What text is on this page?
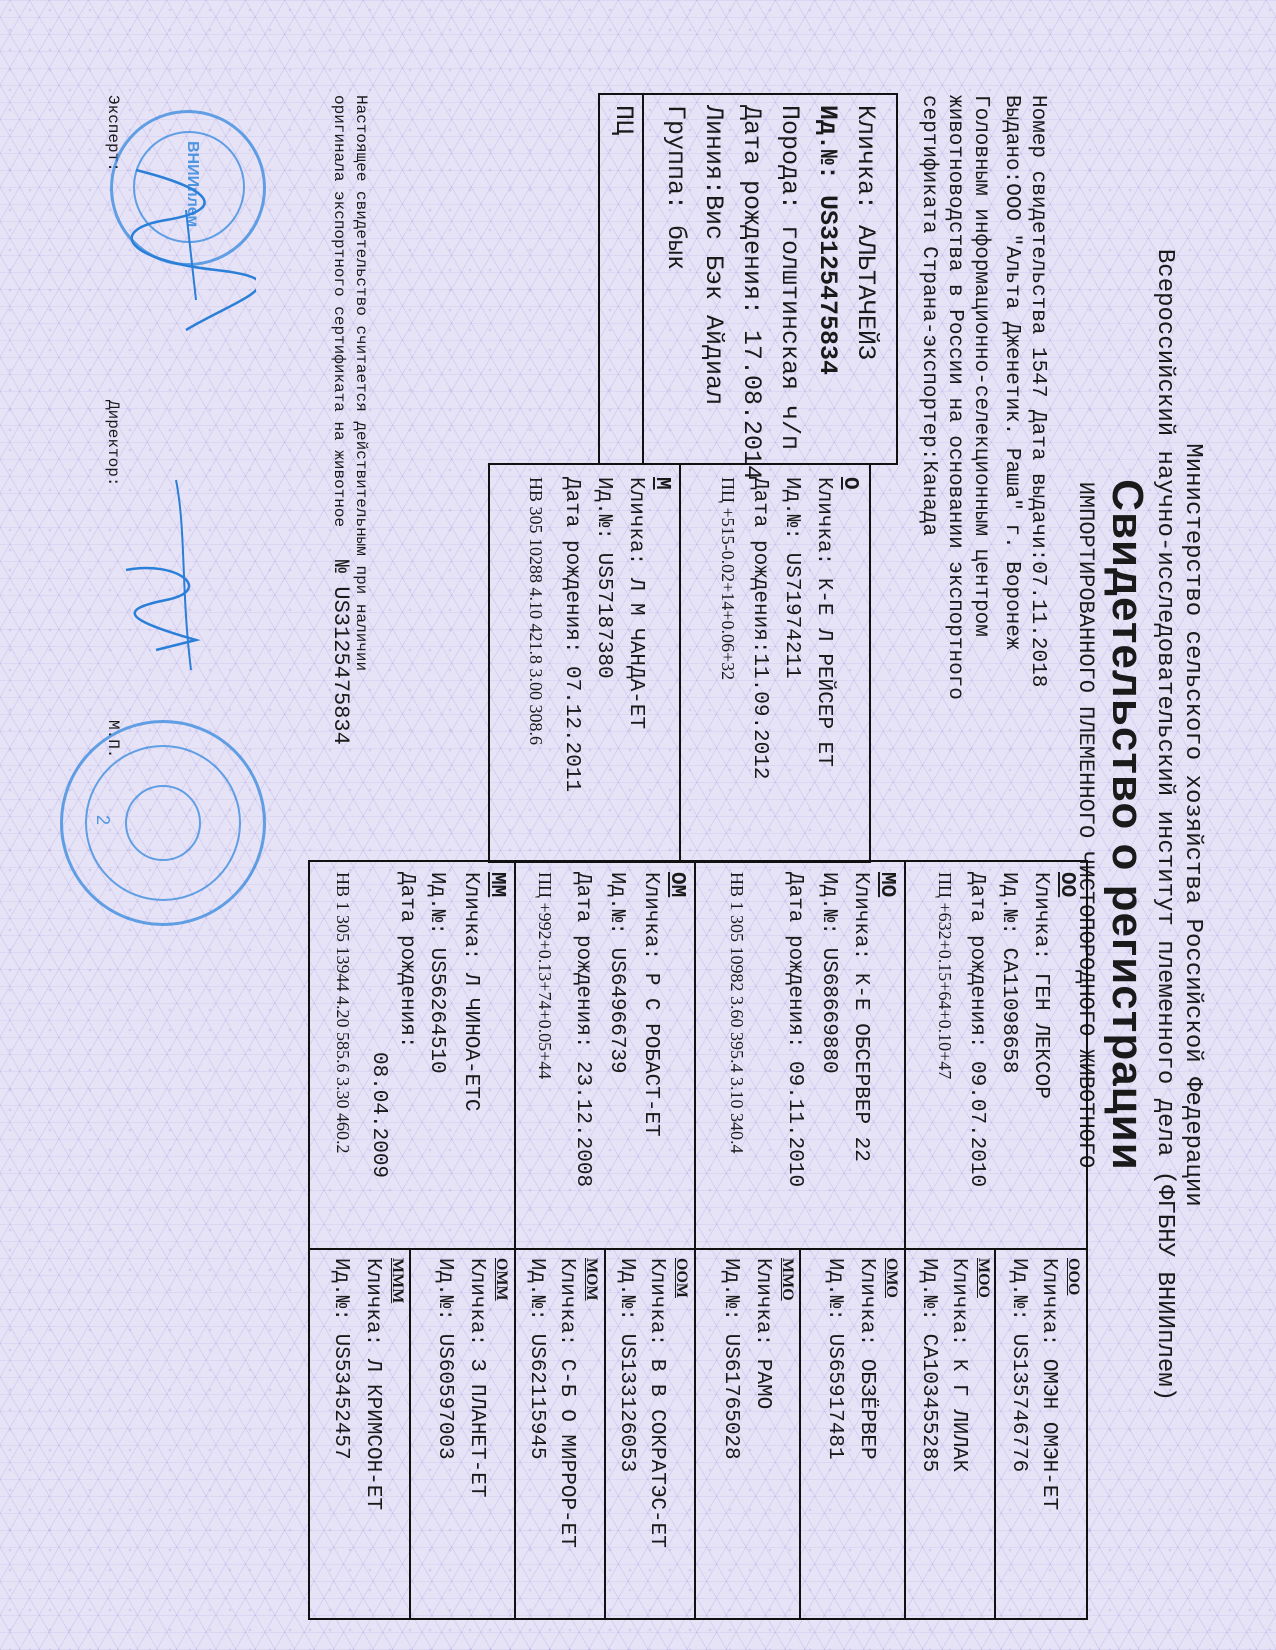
Министерство сельского хозяйства Российской Федерации
Всероссийский научно-исследовательский институт племенного дела (ФГБНУ ВНИИплем)
Свидетельство о регистрации
ИМПОРТИРОВАННОГО ПЛЕМЕННОГО ЧИСТОПОРОДНОГО ЖИВОТНОГО
Номер свидетельства 1547 Дата выдачи:07.11.2018
Выдано:ООО "Альта Дженетик. Раша" г. Воронеж
Головным информационно-селекционным центром
животноводства в России на основании экспортного
сертификата Страна-экспортер:Канада
Кличка: АЛЬТАЧЕЙЗ
Ид.№: US3125475834
Порода: голштинская ч/п
Дата рождения: 17.08.2014
Линия:Вис Бэк Айдиал
Группа: бык
ПЦ
О
Кличка: К-Е Л РЕЙСЕР ЕТ
Ид.№: US71974211
Дата рождения:11.09.2012
ПЦ +515-0.02+14+0.06+32
М
Кличка: Л М ЧАНДА-ЕТ
Ид.№: US57187380
Дата рождения: 07.12.2011
HB 305 10288 4.10 421.8 3.00 308.6
ОО
Кличка: ГЕН ЛЕКСОР
Ид.№: CA11098658
Дата рождения: 09.07.2010
ПЦ +632+0.15+64+0.10+47
МО
Кличка: К-Е ОБСЕРВЕР 22
Ид.№: US68669880
Дата рождения: 09.11.2010
HB 1 305 10982 3.60 395.4 3.10 340.4
ОМ
Кличка: Р С РОБАСТ-ЕТ
Ид.№: US64966739
Дата рождения: 23.12.2008
ПЦ +992+0.13+74+0.05+44
ММ
Кличка: Л ЧИНОА-ЕТС
Ид.№: US56264510
Дата рождения:
08.04.2009
HB 1 305 13944 4.20 585.6 3.30 460.2
ООО
Кличка: ОМЭН ОМЭН-ЕТ
Ид.№: US135746776
МОО
Кличка: К Г ЛИЛАК
Ид.№: CA103455285
ОМО
Кличка: ОБЗЁРВЕР
Ид.№: US65917481
ММО
Кличка: РАМО
Ид.№: US61765028
ООМ
Кличка: В В СОКРАТЭС-ЕТ
Ид.№: US133126053
МОМ
Кличка: С-Б О МИРРОР-ЕТ
Ид.№: US62115945
ОММ
Кличка: З ПЛАНЕТ-ЕТ
Ид.№: US60597003
МММ
Кличка: Л КРИМСОН-ЕТ
Ид.№: US53452457
Настоящее свидетельство считается действительным при наличии
оригинала экспортного сертификата на животное
№ US3125475834
Эксперт:
Директор:
М.П.
ВНИИплем
2
